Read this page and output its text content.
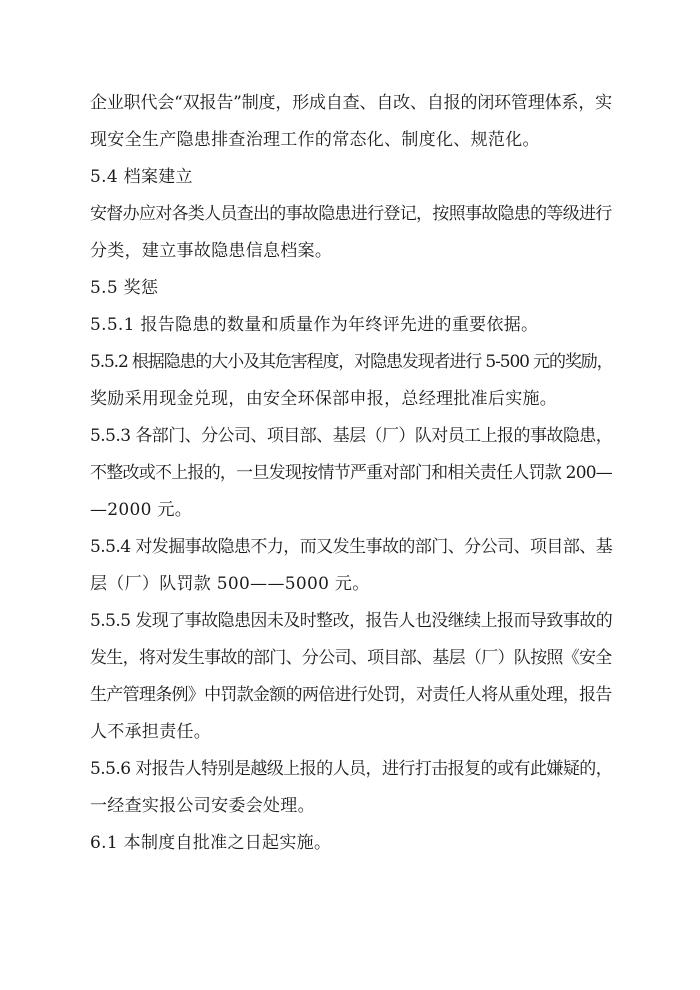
企业职代会“双报告”制度，形成自查、自改、自报的闭环管理体系，实
现安全生产隐患排查治理工作的常态化、制度化、规范化。
5.4 档案建立
安督办应对各类人员查出的事故隐患进行登记，按照事故隐患的等级进行
分类，建立事故隐患信息档案。
5.5 奖惩
5.5.1 报告隐患的数量和质量作为年终评先进的重要依据。
5.5.2 根据隐患的大小及其危害程度，对隐患发现者进行 5-500 元的奖励，
奖励采用现金兑现，由安全环保部申报，总经理批准后实施。
5.5.3 各部门、分公司、项目部、基层（厂）队对员工上报的事故隐患，
不整改或不上报的，一旦发现按情节严重对部门和相关责任人罚款 200—
—2000 元。
5.5.4 对发掘事故隐患不力，而又发生事故的部门、分公司、项目部、基
层（厂）队罚款 500——5000 元。
5.5.5 发现了事故隐患因未及时整改，报告人也没继续上报而导致事故的
发生，将对发生事故的部门、分公司、项目部、基层（厂）队按照《安全
生产管理条例》中罚款金额的两倍进行处罚，对责任人将从重处理，报告
人不承担责任。
5.5.6 对报告人特别是越级上报的人员，进行打击报复的或有此嫌疑的，
一经查实报公司安委会处理。
6.1 本制度自批准之日起实施。
